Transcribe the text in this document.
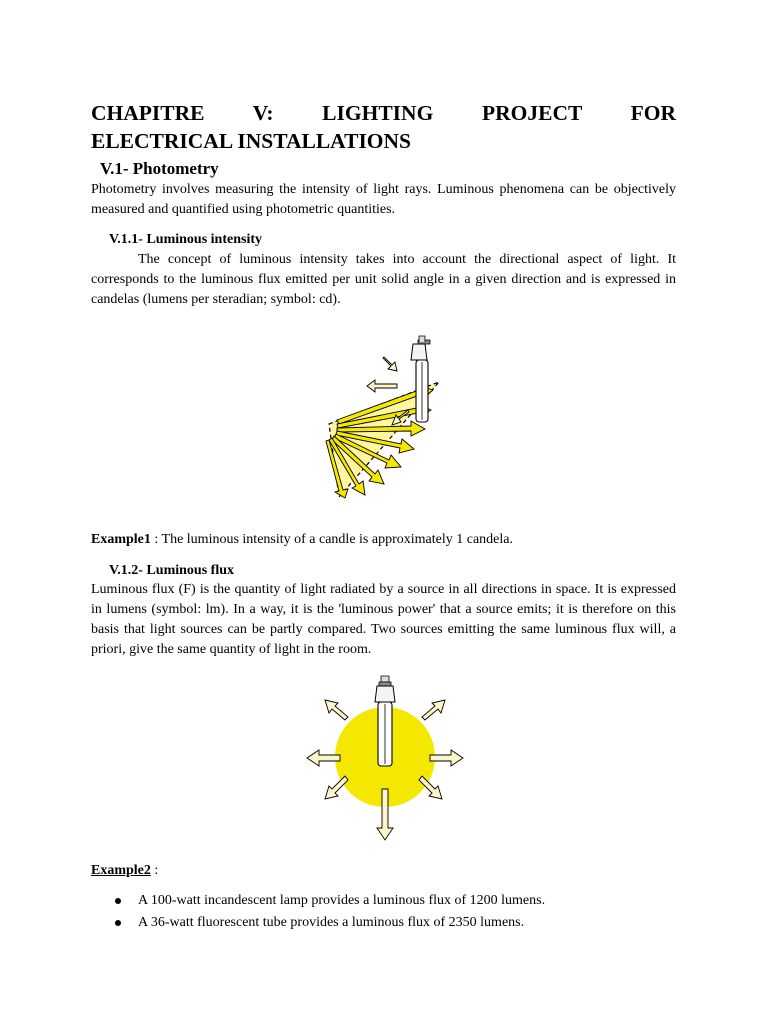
CHAPITRE V: LIGHTING PROJECT FOR
ELECTRICAL INSTALLATIONS
V.1- Photometry
Photometry involves measuring the intensity of light rays. Luminous phenomena can be objectively measured and quantified using photometric quantities.
V.1.1- Luminous intensity
The concept of luminous intensity takes into account the directional aspect of light. It corresponds to the luminous flux emitted per unit solid angle in a given direction and is expressed in candelas (lumens per steradian; symbol: cd).
Example1 : The luminous intensity of a candle is approximately 1 candela.
V.1.2- Luminous flux
Luminous flux (F) is the quantity of light radiated by a source in all directions in space. It is expressed in lumens (symbol: lm). In a way, it is the 'luminous power' that a source emits; it is therefore on this basis that light sources can be partly compared. Two sources emitting the same luminous flux will, a priori, give the same quantity of light in the room.
Example2 :
A 100-watt incandescent lamp provides a luminous flux of 1200 lumens.
A 36-watt fluorescent tube provides a luminous flux of 2350 lumens.
